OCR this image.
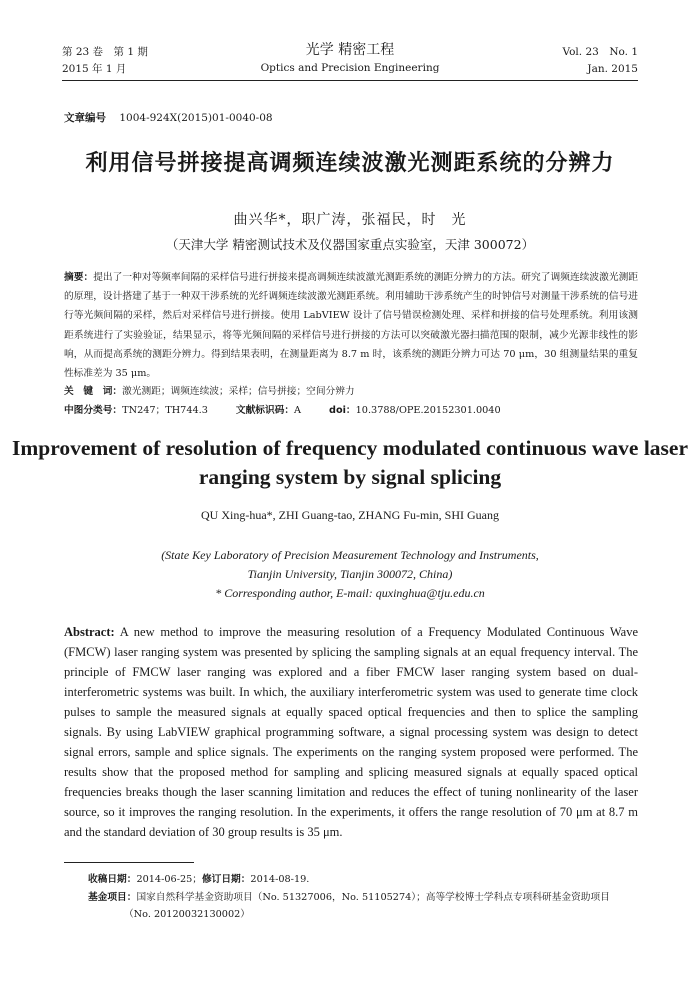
第 23 卷　第 1 期
2015 年 1 月
光学 精密工程
Optics and Precision Engineering
Vol. 23　No. 1
Jan. 2015
文章编号 1004-924X(2015)01-0040-08
利用信号拼接提高调频连续波激光测距系统的分辨力
曲兴华*，职广涛，张福民，时　光
（天津大学 精密测试技术及仪器国家重点实验室，天津 300072）
摘要：提出了一种对等频率间隔的采样信号进行拼接来提高调频连续波激光测距系统的测距分辨力的方法。研究了调频连续波激光测距的原理，设计搭建了基于一种双干涉系统的光纤调频连续波激光测距系统。利用辅助干涉系统产生的时钟信号对测量干涉系统的信号进行等光频间隔的采样，然后对采样信号进行拼接。使用 LabVIEW 设计了信号错误检测处理、采样和拼接的信号处理系统。利用该测距系统进行了实验验证，结果显示，将等光频间隔的采样信号进行拼接的方法可以突破激光器扫描范围的限制，减少光源非线性的影响，从而提高系统的测距分辨力。得到结果表明，在测量距离为 8.7 m 时，该系统的测距分辨力可达 70 μm，30 组测量结果的重复性标准差为 35 μm。
关　键　词：激光测距；调频连续波；采样；信号拼接；空间分辨力
中图分类号：TN247；TH744.3	文献标识码：A	doi：10.3788/OPE.20152301.0040
Improvement of resolution of frequency modulated continuous wave laser ranging system by signal splicing
QU Xing-hua*, ZHI Guang-tao, ZHANG Fu-min, SHI Guang
(State Key Laboratory of Precision Measurement Technology and Instruments,
Tianjin University, Tianjin 300072, China)
* Corresponding author, E-mail: quxinghua@tju.edu.cn
Abstract: A new method to improve the measuring resolution of a Frequency Modulated Continuous Wave (FMCW) laser ranging system was presented by splicing the sampling signals at an equal frequency interval. The principle of FMCW laser ranging was explored and a fiber FMCW laser ranging system based on dual-interferometric systems was built. In which, the auxiliary interferometric system was used to generate time clock pulses to sample the measured signals at equally spaced optical frequencies and then to splice the sampling signals. By using LabVIEW graphical programming software, a signal processing system was design to detect signal errors, sample and splice signals. The experiments on the ranging system proposed were performed. The results show that the proposed method for sampling and splicing measured signals at equally spaced optical frequencies breaks though the laser scanning limitation and reduces the effect of tuning nonlinearity of the laser source, so it improves the ranging resolution. In the experiments, it offers the range resolution of 70 μm at 8.7 m and the standard deviation of 30 group results is 35 μm.
收稿日期：2014-06-25；修订日期：2014-08-19.
基金项目：国家自然科学基金资助项目（No. 51327006，No. 51105274）；高等学校博士学科点专项科研基金资助项目
（No. 20120032130002）
